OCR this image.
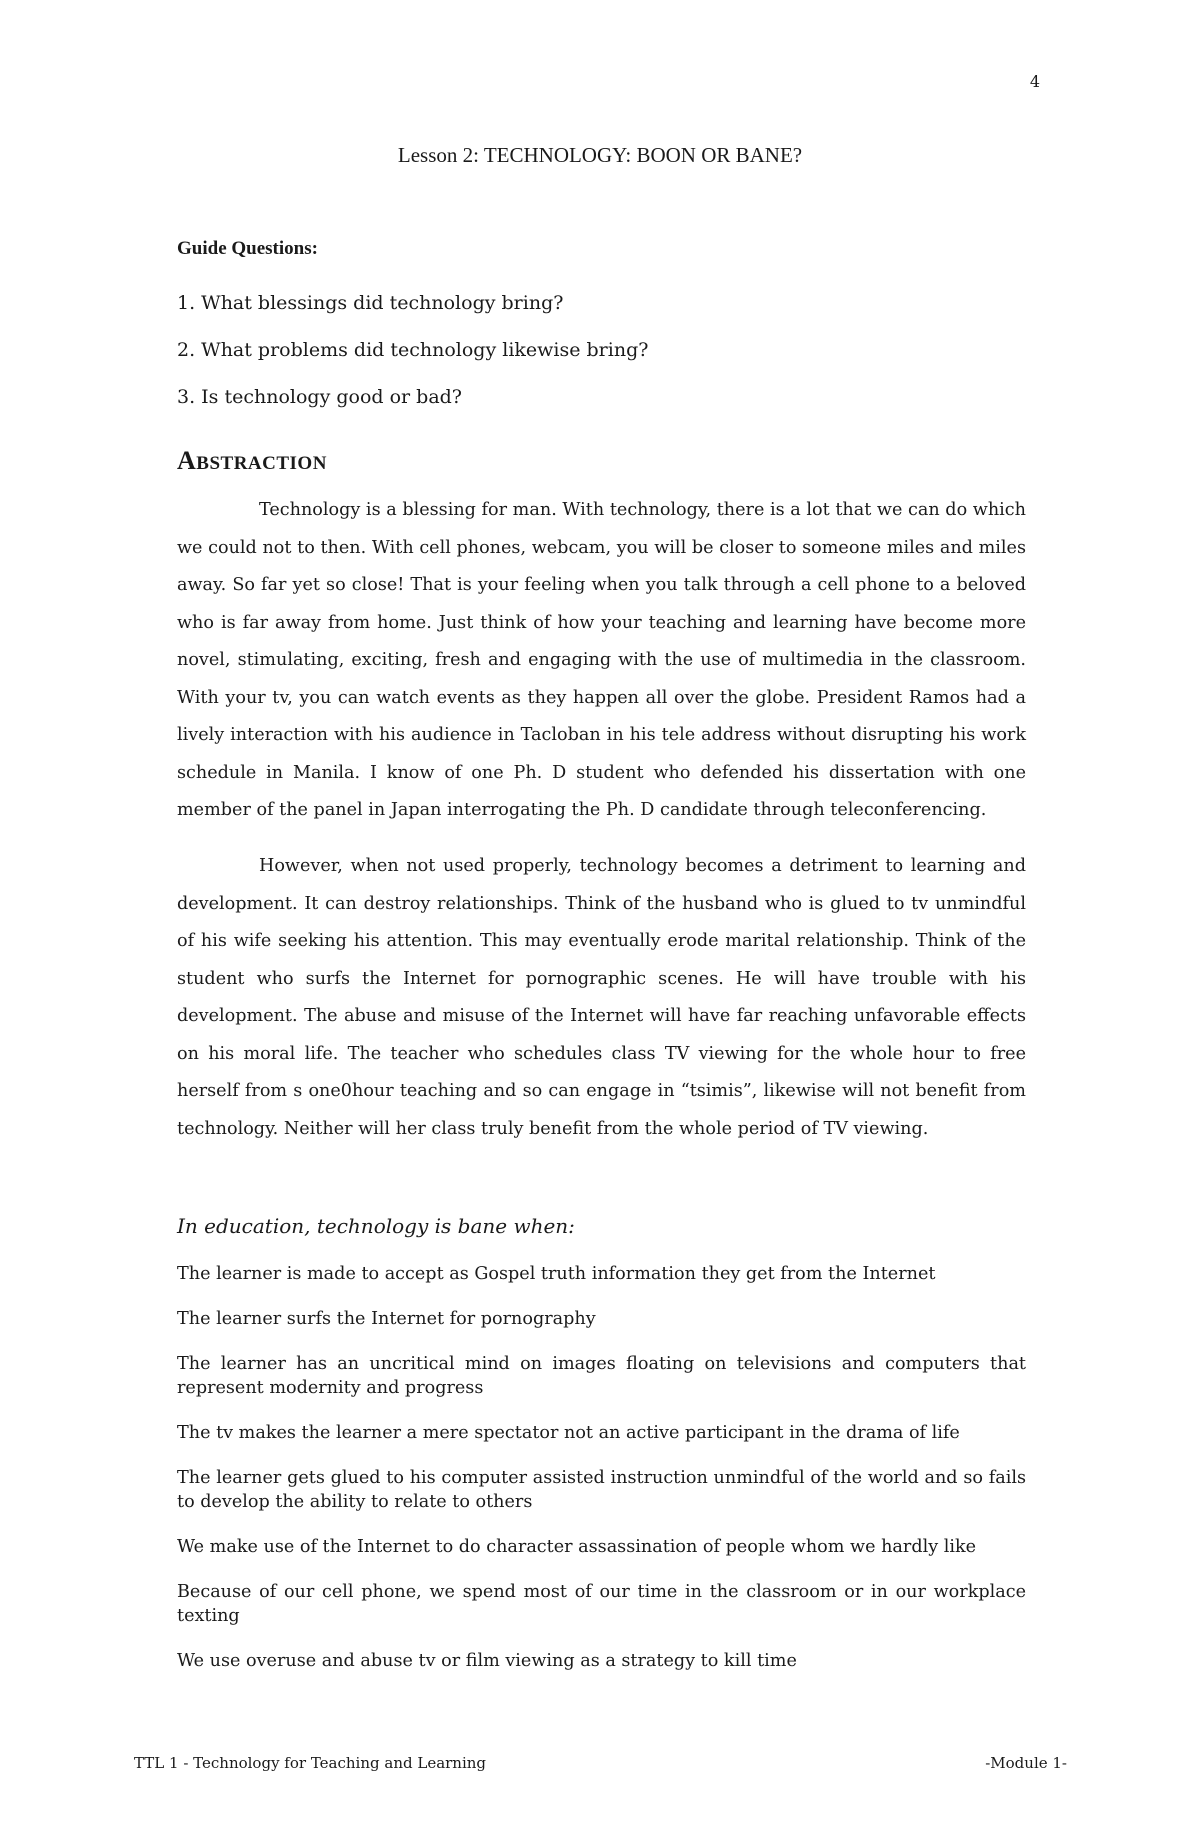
4
Lesson 2: TECHNOLOGY: BOON OR BANE?
Guide Questions:
1. What blessings did technology bring?
2. What problems did technology likewise bring?
3. Is technology good or bad?
ABSTRACTION

Technology is a blessing for man. With technology, there is a lot that we can do which we could not to then. With cell phones, webcam, you will be closer to someone miles and miles away. So far yet so close! That is your feeling when you talk through a cell phone to a beloved who is far away from home. Just think of how your teaching and learning have become more novel, stimulating, exciting, fresh and engaging with the use of multimedia in the classroom. With your tv, you can watch events as they happen all over the globe. President Ramos had a lively interaction with his audience in Tacloban in his tele address without disrupting his work schedule in Manila. I know of one Ph. D student who defended his dissertation with one member of the panel in Japan interrogating the Ph. D candidate through teleconferencing.

However, when not used properly, technology becomes a detriment to learning and development. It can destroy relationships. Think of the husband who is glued to tv unmindful of his wife seeking his attention. This may eventually erode marital relationship. Think of the student who surfs the Internet for pornographic scenes. He will have trouble with his development. The abuse and misuse of the Internet will have far reaching unfavorable effects on his moral life. The teacher who schedules class TV viewing for the whole hour to free herself from s one0hour teaching and so can engage in “tsimis”, likewise will not benefit from technology. Neither will her class truly benefit from the whole period of TV viewing.

In education, technology is bane when:
The learner is made to accept as Gospel truth information they get from the Internet
The learner surfs the Internet for pornography
The learner has an uncritical mind on images floating on televisions and computers that represent modernity and progress
The tv makes the learner a mere spectator not an active participant in the drama of life
The learner gets glued to his computer assisted instruction unmindful of the world and so fails to develop the ability to relate to others
We make use of the Internet to do character assassination of people whom we hardly like
Because of our cell phone, we spend most of our time in the classroom or in our workplace texting
We use overuse and abuse tv or film viewing as a strategy to kill time
TTL 1 - Technology for Teaching and Learning	-Module 1-
